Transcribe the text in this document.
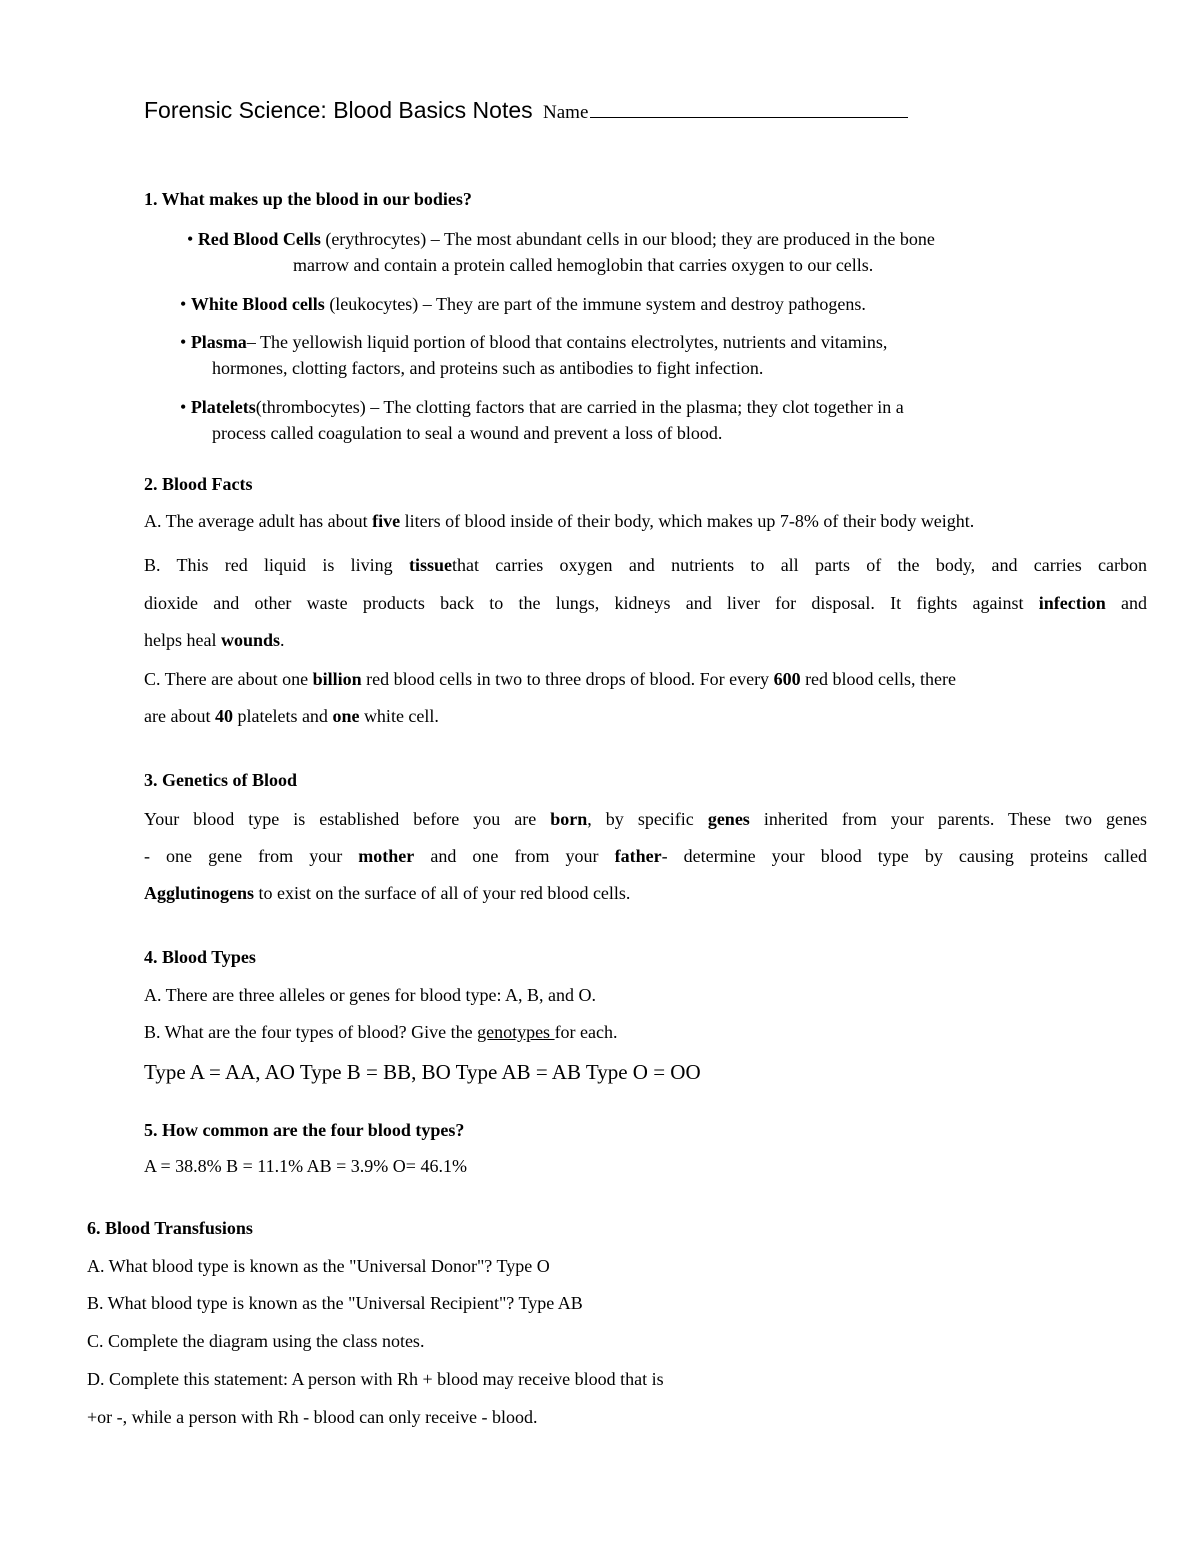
Forensic Science: Blood Basics Notes Name
1. What makes up the blood in our bodies?
• Red Blood Cells (erythrocytes) – The most abundant cells in our blood; they are produced in the bone
marrow and contain a protein called hemoglobin that carries oxygen to our cells.
• White Blood cells (leukocytes) – They are part of the immune system and destroy pathogens.
• Plasma– The yellowish liquid portion of blood that contains electrolytes, nutrients and vitamins,
hormones, clotting factors, and proteins such as antibodies to fight infection.
• Platelets(thrombocytes) – The clotting factors that are carried in the plasma; they clot together in a
process called coagulation to seal a wound and prevent a loss of blood.
2. Blood Facts
A. The average adult has about five liters of blood inside of their body, which makes up 7-8% of their body weight.
B. This red liquid is living tissuethat carries oxygen and nutrients to all parts of the body, and carries carbon
dioxide and other waste products back to the lungs, kidneys and liver for disposal. It fights against infection and
helps heal wounds.
C. There are about one billion red blood cells in two to three drops of blood. For every 600 red blood cells, there
are about 40 platelets and one white cell.
3. Genetics of Blood
Your blood type is established before you are born, by specific genes inherited from your parents. These two genes
- one gene from your mother and one from your father- determine your blood type by causing proteins called
Agglutinogens to exist on the surface of all of your red blood cells.
4. Blood Types
A. There are three alleles or genes for blood type: A, B, and O.
B. What are the four types of blood? Give the genotypes for each.
Type A = AA, AO Type B = BB, BO Type AB = AB Type O = OO
5. How common are the four blood types?
A = 38.8% B = 11.1% AB = 3.9% O= 46.1%
6. Blood Transfusions
A. What blood type is known as the "Universal Donor"? Type O
B. What blood type is known as the "Universal Recipient"? Type AB
C. Complete the diagram using the class notes.
D. Complete this statement: A person with Rh + blood may receive blood that is
+or -, while a person with Rh - blood can only receive - blood.
